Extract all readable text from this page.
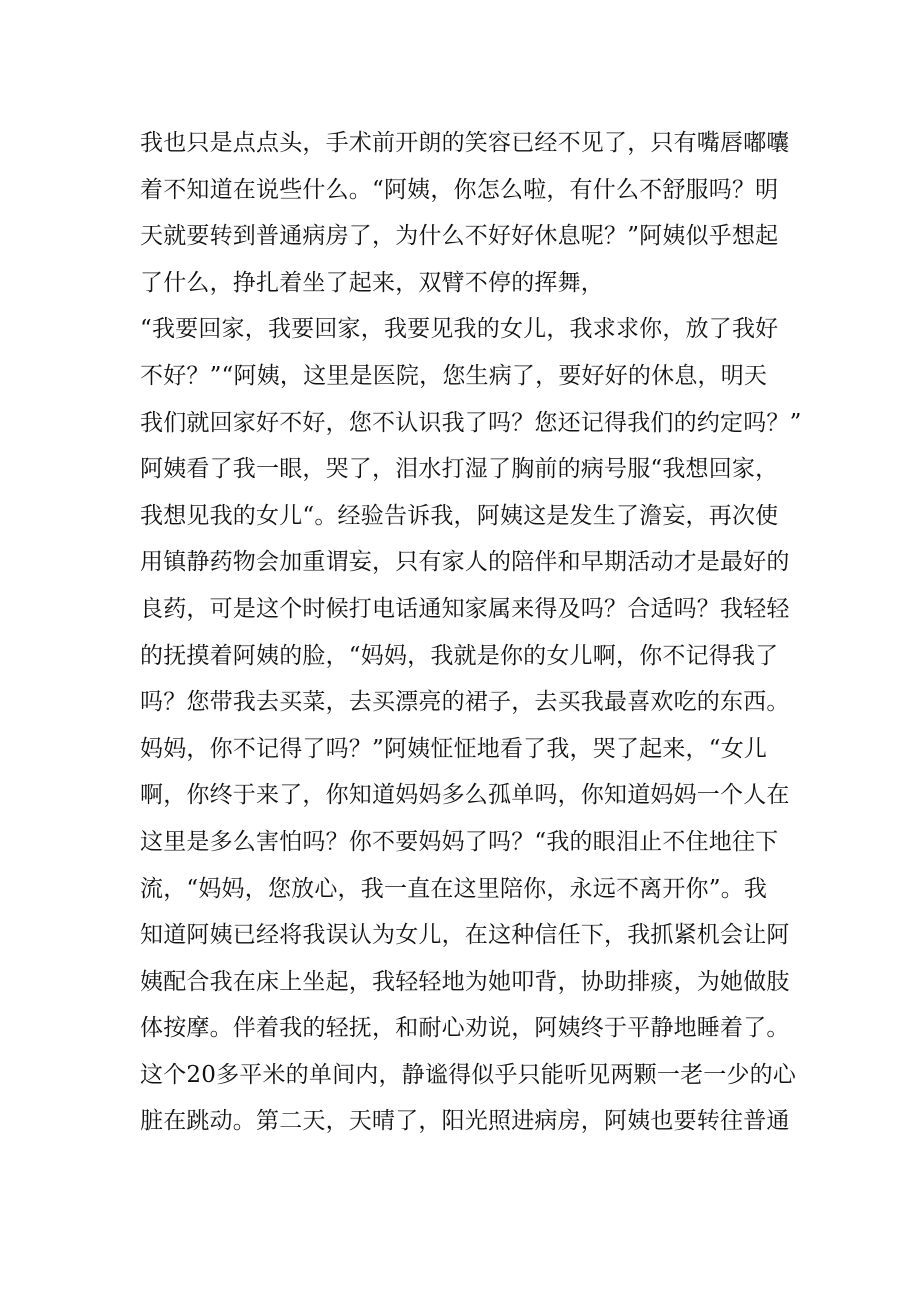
我也只是点点头，手术前开朗的笑容已经不见了，只有嘴唇嘟囔
着不知道在说些什么。“阿姨，你怎么啦，有什么不舒服吗？明
天就要转到普通病房了，为什么不好好休息呢？”阿姨似乎想起
了什么，挣扎着坐了起来，双臂不停的挥舞，
“我要回家，我要回家，我要见我的女儿，我求求你，放了我好
不好？”“阿姨，这里是医院，您生病了，要好好的休息，明天
我们就回家好不好，您不认识我了吗？您还记得我们的约定吗？”
阿姨看了我一眼，哭了，泪水打湿了胸前的病号服“我想回家，
我想见我的女儿“。经验告诉我，阿姨这是发生了澹妄，再次使
用镇静药物会加重谓妄，只有家人的陪伴和早期活动才是最好的
良药，可是这个时候打电话通知家属来得及吗？合适吗？我轻轻
的抚摸着阿姨的脸，“妈妈，我就是你的女儿啊，你不记得我了
吗？您带我去买菜，去买漂亮的裙子，去买我最喜欢吃的东西。
妈妈，你不记得了吗？”阿姨怔怔地看了我，哭了起来，“女儿
啊，你终于来了，你知道妈妈多么孤单吗，你知道妈妈一个人在
这里是多么害怕吗？你不要妈妈了吗？“我的眼泪止不住地往下
流，“妈妈，您放心，我一直在这里陪你，永远不离开你”。我
知道阿姨已经将我误认为女儿，在这种信任下，我抓紧机会让阿
姨配合我在床上坐起，我轻轻地为她叩背，协助排痰，为她做肢
体按摩。伴着我的轻抚，和耐心劝说，阿姨终于平静地睡着了。
这个20多平米的单间内，静谧得似乎只能听见两颗一老一少的心
脏在跳动。第二天，天晴了，阳光照进病房，阿姨也要转往普通
